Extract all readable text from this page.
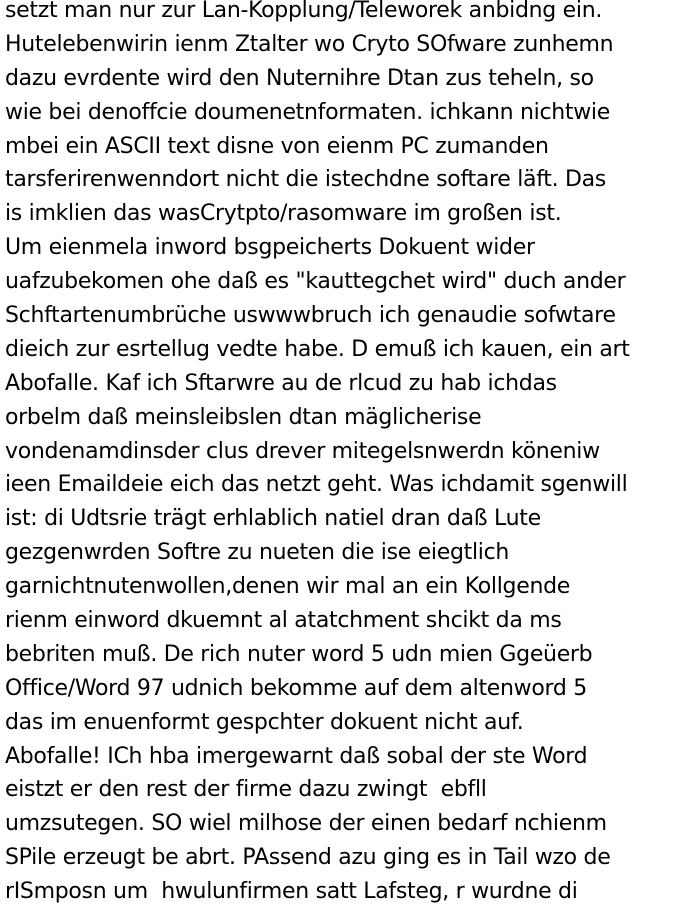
setzt man nur zur Lan-Kopplung/Teleworek anbidng ein.
Hutelebenwirin ienm Ztalter wo Cryto SOfware zunhemn
dazu evrdente wird den Nuternihre Dtan zus teheln, so
wie bei denoffcie doumenetnformaten. ichkann nichtwie
mbei ein ASCII text disne von eienm PC zumanden
tarsferirenwenndort nicht die istechdne softare läft. Das
is imklien das wasCrytpto/rasomware im großen ist.
Um eienmela inword bsgpeicherts Dokuent wider
uafzubekomen ohe daß es "kauttegchet wird" duch ander
Schftartenumbrüche uswwwbruch ich genaudie sofwtare
dieich zur esrtellug vedte habe. D emuß ich kauen, ein art
Abofalle. Kaf ich Sftarwre au de rlcud zu hab ichdas
orbelm daß meinsleibslen dtan mäglicherise
vondenamdinsder clus drever mitegelsnwerdn köneniw
ieen Emaildeie eich das netzt geht. Was ichdamit sgenwill
ist: di Udtsrie trägt erhlablich natiel dran daß Lute
gezgenwrden Softre zu nueten die ise eiegtlich
garnichtnutenwollen,denen wir mal an ein Kollgende
rienm einword dkuemnt al atatchment shcikt da ms
bebriten muß. De rich nuter word 5 udn mien Ggeüerb
Office/Word 97 udnich bekomme auf dem altenword 5
das im enuenformt gespchter dokuent nicht auf.
Abofalle! ICh hba imergewarnt daß sobal der ste Word
eistzt er den rest der firme dazu zwingt  ebfll
umzsutegen. SO wiel milhose der einen bedarf nchienm
SPile erzeugt be abrt. PAssend azu ging es in Tail wzo de
rISmposn um  hwulunfirmen satt Lafsteg, r wurdne di
